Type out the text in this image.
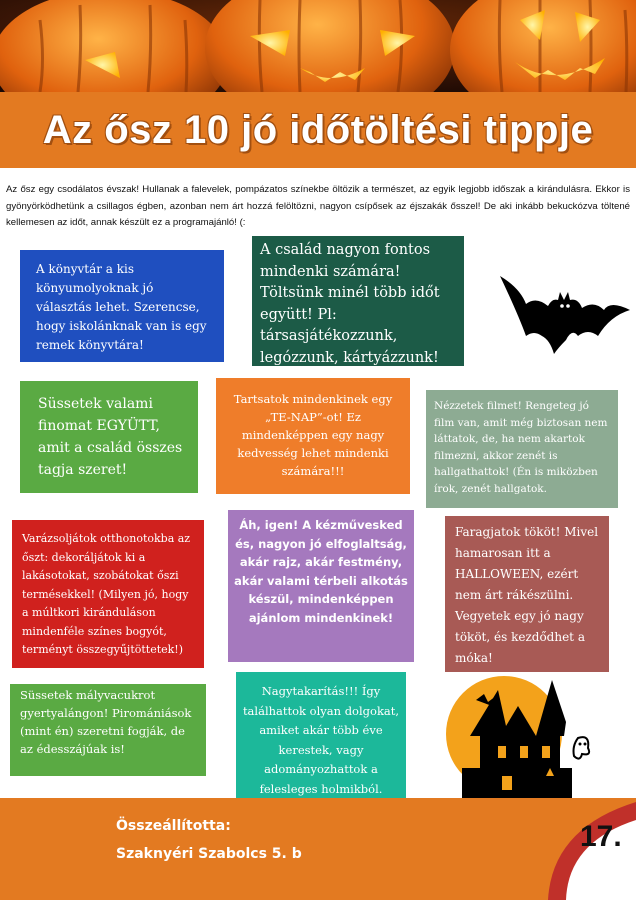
Az ősz 10 jó időtöltési tippje

Az ősz egy csodálatos évszak! Hullanak a falevelek, pompázatos színekbe öltözik a természet, az egyik legjobb időszak a kirándulásra. Ekkor is gyönyörködhetünk a csillagos égben, azonban nem árt hozzá felöltözni, nagyon csípősek az éjszakák ősszel! De aki inkább bekuckózva töltené kellemesen az időt, annak készült ez a programajánló! (:

A könyvtár a kis könyumolyoknak jó választás lehet. Szerencse, hogy iskolánknak van is egy remek könyvtára!

A család nagyon fontos mindenki számára! Töltsünk minél több időt együtt! Pl: társasjátékozzunk, legózzunk, kártyázzunk!

Süssetek valami finomat EGYÜTT, amit a család összes tagja szeret!

Tartsatok mindenkinek egy „TE-NAP”-ot! Ez mindenképpen egy nagy kedvesség lehet mindenki számára!!!

Nézzetek filmet! Rengeteg jó film van, amit még biztosan nem láttatok, de, ha nem akartok filmezni, akkor zenét is hallgathattok! (Én is miközben írok, zenét hallgatok.

Varázsoljátok otthonotokba az őszt: dekoráljátok ki a lakásotokat, szobátokat őszi termésekkel! (Milyen jó, hogy a múltkori kiránduláson mindenféle színes bogyót, terményt összegyűjtöttetek!)

Áh, igen! A kézművesked​és, nagyon jó elfoglaltság, akár rajz, akár festmény, akár valami térbeli alkotás készül, mindenképpen ajánlom mindenkinek!

Faragjatok tököt! Mivel hamarosan itt a HALLOWEEN, ezért nem árt rákészülni. Vegyetek egy jó nagy tököt, és kezdődhet a móka!

Süssetek mályvacukrot gyertyalángon! Piromániások (mint én) szeretni fogják, de az édesszájúak is!

Nagytakarítás!!! Így találhattok olyan dolgokat, amiket akár több éve kerestek, vagy adományozhattok a felesleges holmikból.

Összeállította:
Szaknyéri Szabolcs 5. b
17.
